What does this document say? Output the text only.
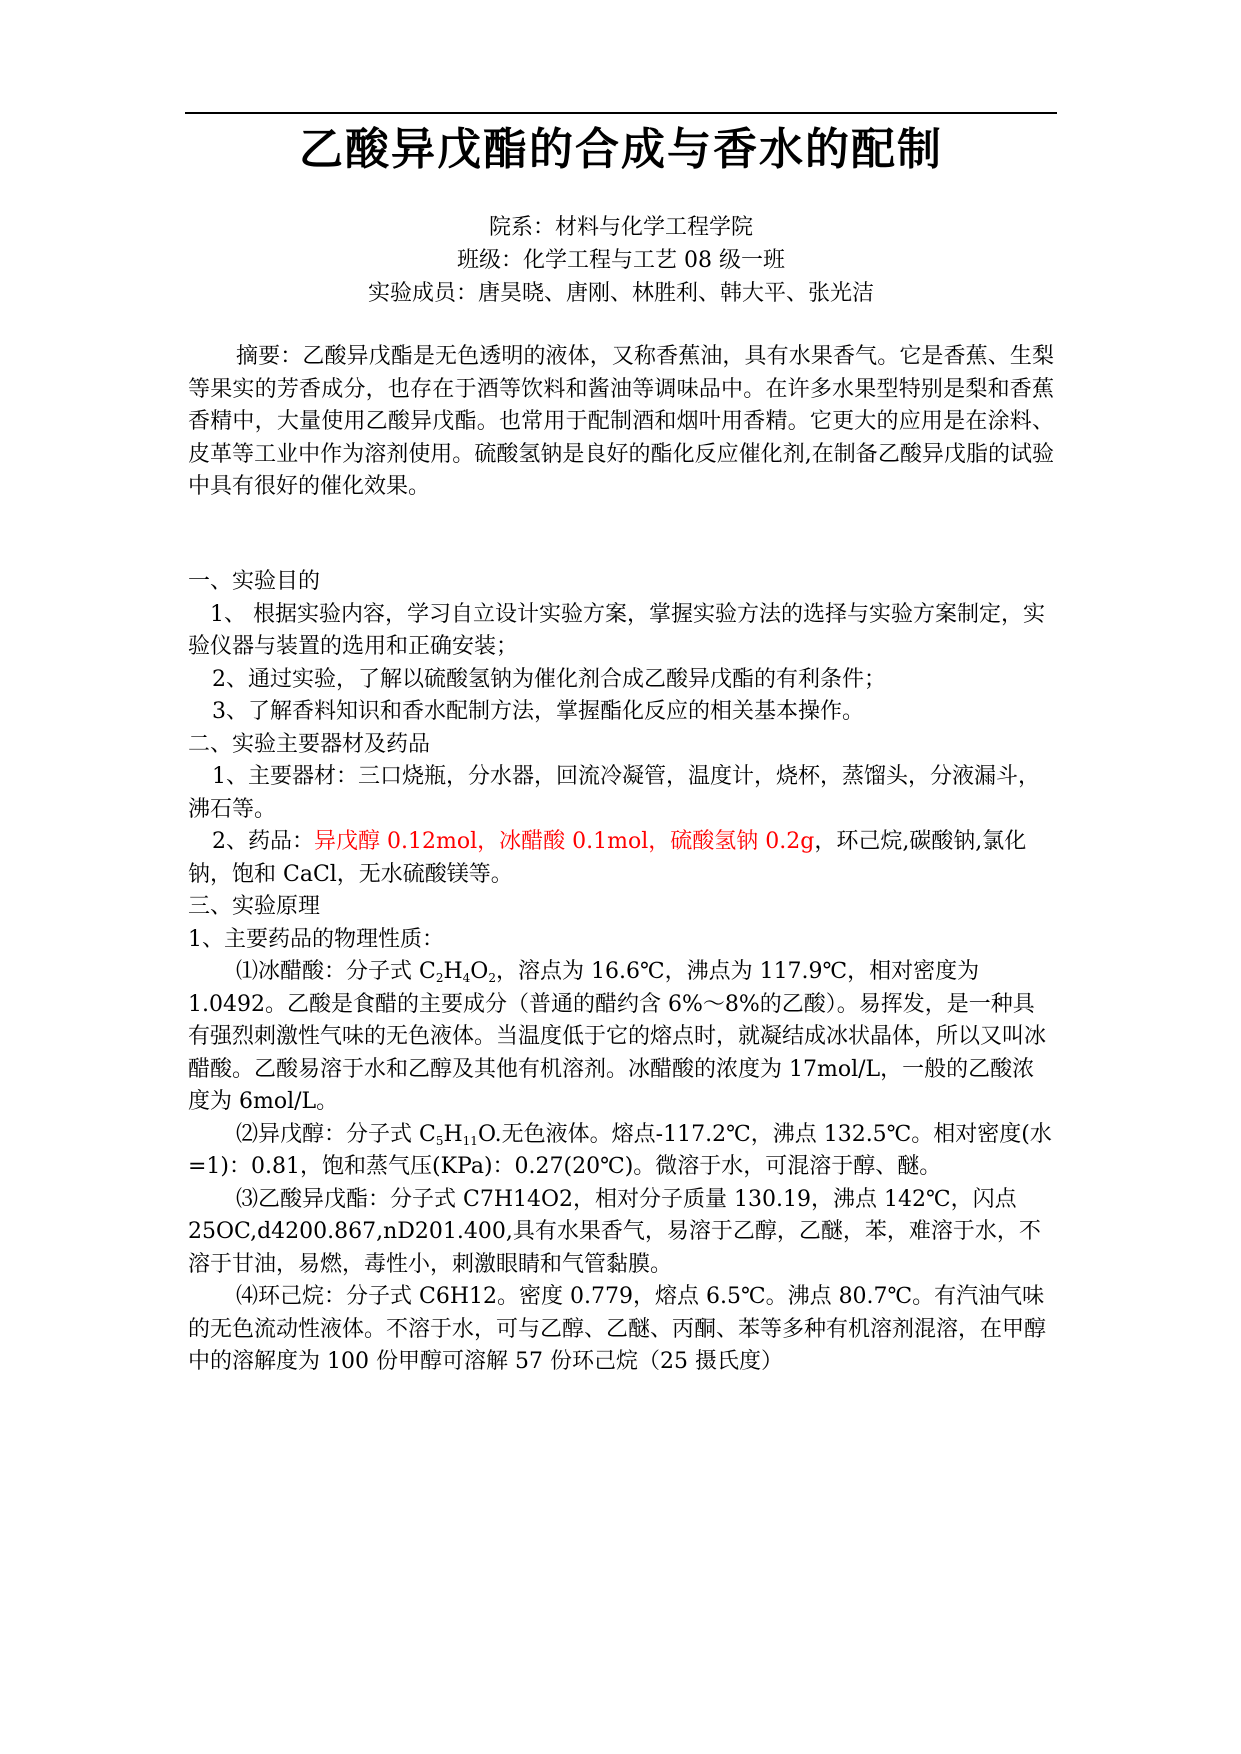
乙酸异戊酯的合成与香水的配制
院系：材料与化学工程学院
班级：化学工程与工艺 08 级一班
实验成员：唐昊晓、唐刚、林胜利、韩大平、张光洁
摘要：乙酸异戊酯是无色透明的液体，又称香蕉油，具有水果香气。它是香蕉、生梨等果实的芳香成分，也存在于酒等饮料和酱油等调味品中。在许多水果型特别是梨和香蕉香精中，大量使用乙酸异戊酯。也常用于配制酒和烟叶用香精。它更大的应用是在涂料、皮革等工业中作为溶剂使用。硫酸氢钠是良好的酯化反应催化剂,在制备乙酸异戊脂的试验中具有很好的催化效果。

一、实验目的

1、 根据实验内容，学习自立设计实验方案，掌握实验方法的选择与实验方案制定，实验仪器与装置的选用和正确安装；

2、通过实验，了解以硫酸氢钠为催化剂合成乙酸异戊酯的有利条件；

3、了解香料知识和香水配制方法，掌握酯化反应的相关基本操作。

二、实验主要器材及药品

1、主要器材：三口烧瓶，分水器，回流冷凝管，温度计，烧杯，蒸馏头，分液漏斗，沸石等。

2、药品：异戊醇 0.12mol，冰醋酸 0.1mol，硫酸氢钠 0.2g，环己烷,碳酸钠,氯化钠，饱和 CaCl，无水硫酸镁等。

三、实验原理

1、主要药品的物理性质：

⑴冰醋酸：分子式 $C_2H_4O_2$，溶点为 16.6℃，沸点为 117.9℃，相对密度为 1.0492。乙酸是食醋的主要成分（普通的醋约含 6%～8%的乙酸）。易挥发，是一种具有强烈刺激性气味的无色液体。当温度低于它的熔点时，就凝结成冰状晶体，所以又叫冰醋酸。乙酸易溶于水和乙醇及其他有机溶剂。冰醋酸的浓度为 17mol/L，一般的乙酸浓度为 6mol/L。

⑵异戊醇：分子式 $C_5H_{11}O$.无色液体。熔点-117.2℃，沸点 132.5℃。相对密度(水=1)：0.81，饱和蒸气压(KPa)：0.27(20℃)。微溶于水，可混溶于醇、醚。

⑶乙酸异戊酯：分子式 C7H14O2，相对分子质量 130.19，沸点 142℃，闪点 25OC,d4200.867,nD201.400,具有水果香气，易溶于乙醇，乙醚，苯，难溶于水，不溶于甘油，易燃，毒性小，刺激眼睛和气管黏膜。

⑷环己烷：分子式 C6H12。密度 0.779，熔点 6.5℃。沸点 80.7℃。有汽油气味的无色流动性液体。不溶于水，可与乙醇、乙醚、丙酮、苯等多种有机溶剂混溶，在甲醇中的溶解度为 100 份甲醇可溶解 57 份环己烷（25 摄氏度）
